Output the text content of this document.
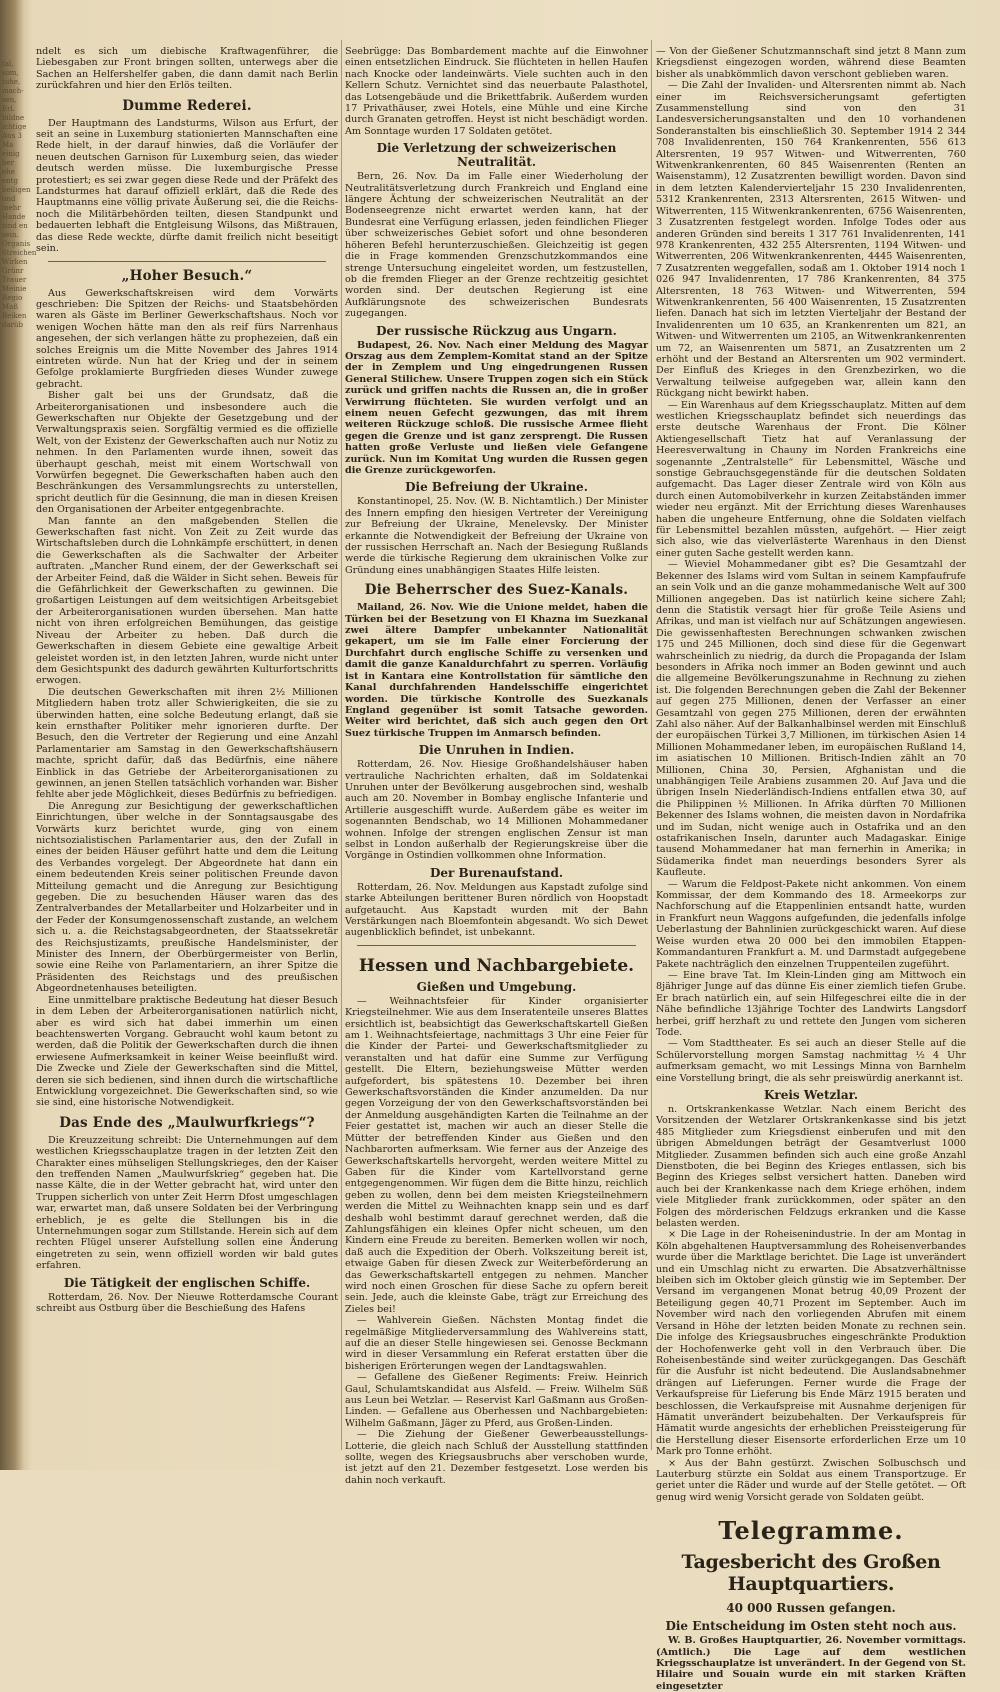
tal, som, tuhe, mach- sen, Erl. bildne ichtige Ans 3 Ma einig ber ehe entg beiligen und mehr Hande sind en sein. Organis Streichen Wirken Grünr Trauer Meinie Regio Maß Beiken darüb

ndelt es sich um diebische Kraftwagenführer, die Liebesgaben zur Front bringen sollten, unterwegs aber die Sachen an Helfershelfer gaben, die dann damit nach Berlin zurückfahren und hier den Erlös teilten.

Dumme Rederei.

Der Hauptmann des Landsturms, Wilson aus Erfurt, der seit an seine in Luxemburg stationierten Mannschaften eine Rede hielt, in der darauf hinwies, daß die Vorläufer der neuen deutschen Garnison für Luxemburg seien, das wieder deutsch werden müsse. Die luxemburgische Presse protestiert; es sei zwar gegen diese Rede und der Präfekt des Landsturmes hat darauf offiziell erklärt, daß die Rede des Hauptmanns eine völlig private Äußerung sei, die die Reichs- noch die Militärbehörden teilten, diesen Standpunkt und bedauerten lebhaft die Entgleisung Wilsons, das Mißtrauen, das diese Rede weckte, dürfte damit freilich nicht beseitigt sein.

„Hoher Besuch.“

Aus Gewerkschaftskreisen wird dem Vorwärts geschrieben: Die Spitzen der Reichs- und Staatsbehörden waren als Gäste im Berliner Gewerkschaftshaus. Noch vor wenigen Wochen hätte man den als reif fürs Narrenhaus angesehen, der sich verlangen hätte zu prophezeien, daß ein solches Ereignis um die Mitte November des Jahres 1914 eintreten würde. Nun hat der Krieg und der in seinem Gefolge proklamierte Burgfrieden dieses Wunder zuwege gebracht.

Bisher galt bei uns der Grundsatz, daß die Arbeiterorganisationen und insbesondere auch die Gewerkschaften nur Objekte der Gesetzgebung und der Verwaltungspraxis seien. Sorgfältig vermied es die offizielle Welt, von der Existenz der Gewerkschaften auch nur Notiz zu nehmen. In den Parlamenten wurde ihnen, soweit das überhaupt geschah, meist mit einem Wortschwall von Vorwürfen begegnet. Die Gewerkschaften haben auch den Beschränkungen des Versammlungsrechts zu unterstellen, spricht deutlich für die Gesinnung, die man in diesen Kreisen den Organisationen der Arbeiter entgegenbrachte.

Man fannte an den maßgebenden Stellen die Gewerkschaften fast nicht. Von Zeit zu Zeit wurde das Wirtschaftsleben durch die Lohnkämpfe erschüttert, in denen die Gewerkschaften als die Sachwalter der Arbeiter auftraten. „Mancher Rund einem, der der Gewerkschaft sei der Arbeiter Feind, daß die Wälder in Sicht sehen. Beweis für die Gefährlichkeit der Gewerkschaften zu gewinnen. Die großartigen Leistungen auf dem weitsichtigen Arbeitsgebiet der Arbeiterorganisationen wurden übersehen. Man hatte nicht von ihren erfolgreichen Bemühungen, das geistige Niveau der Arbeiter zu heben. Daß durch die Gewerkschaften in diesem Gebiete eine gewaltige Arbeit geleistet worden ist, in den letzten Jahren, wurde nicht unter dem Gesichtspunkt des dadurch gewährten Kulturfortschritts erwogen.

Die deutschen Gewerkschaften mit ihren 2½ Millionen Mitgliedern haben trotz aller Schwierigkeiten, die sie zu überwinden hatten, eine solche Bedeutung erlangt, daß sie kein ernsthafter Politiker mehr ignorieren durfte. Der Besuch, den die Vertreter der Regierung und eine Anzahl Parlamentarier am Samstag in den Gewerkschaftshäusern machte, spricht dafür, daß das Bedürfnis, eine nähere Einblick in das Getriebe der Arbeiterorganisationen zu gewinnen, an jenen Stellen tatsächlich vorhanden war. Bisher fehlte aber jede Möglichkeit, dieses Bedürfnis zu befriedigen.

Die Anregung zur Besichtigung der gewerkschaftlichen Einrichtungen, über welche in der Sonntagsausgabe des Vorwärts kurz berichtet wurde, ging von einem nichtsozialistischen Parlamentarier aus, den der Zufall in eines der beiden Häuser geführt hatte und dem die Leitung des Verbandes vorgelegt. Der Abgeordnete hat dann ein einem bedeutenden Kreis seiner politischen Freunde davon Mitteilung gemacht und die Anregung zur Besichtigung gegeben. Die zu besuchenden Häuser waren das des Zentralverbandes der Metallarbeiter und Holzarbeiter und in der Feder der Konsumgenossenschaft zustande, an welchem sich u. a. die Reichstagsabgeordneten, der Staatssekretär des Reichsjustizamts, preußische Handelsminister, der Minister des Innern, der Oberbürgermeister von Berlin, sowie eine Reihe von Parlamentariern, an ihrer Spitze die Präsidenten des Reichstags und des preußischen Abgeordnetenhauses beteiligten.

Eine unmittelbare praktische Bedeutung hat dieser Besuch in dem Leben der Arbeiterorganisationen natürlich nicht, aber es wird sich hat dabei immerhin um einen beachtenswerten Vorgang. Gebraucht wohl kaum betont zu werden, daß die Politik der Gewerkschaften durch die ihnen erwiesene Aufmerksamkeit in keiner Weise beeinflußt wird. Die Zwecke und Ziele der Gewerkschaften sind die Mittel, deren sie sich bedienen, sind ihnen durch die wirtschaftliche Entwicklung vorgezeichnet. Die Gewerkschaften sind, so wie sie sind, eine historische Notwendigkeit.

Das Ende des „Maulwurfkriegs“?

Die Kreuzzeitung schreibt: Die Unternehmungen auf dem westlichen Kriegsschauplatze tragen in der letzten Zeit den Charakter eines mühseligen Stellungskrieges, den der Kaiser den treffenden Namen „Maulwurfskrieg“ gegeben hat. Die nasse Kälte, die in der Wetter gebracht hat, wird unter den Truppen sicherlich von unter Zeit Herrn Dfost umgeschlagen war, erwartet man, daß unsere Soldaten bei der Verbringung erheblich, je es gelte die Stellungen bis in die Unternehmungen sogar zum Stillstande. Herein sich auf dem rechten Flügel unserer Aufstellung sollen eine Änderung eingetreten zu sein, wenn offiziell worden wir bald gutes erfahren.

Die Tätigkeit der englischen Schiffe.

Rotterdam, 26. Nov. Der Nieuwe Rotterdamsche Courant schreibt aus Ostburg über die Beschießung des Hafens

Seebrügge: Das Bombardement machte auf die Einwohner einen entsetzlichen Eindruck. Sie flüchteten in hellen Haufen nach Knocke oder landeinwärts. Viele suchten auch in den Kellern Schutz. Vernichtet sind das neuerbaute Palasthotel, das Lotsengebäude und die Brikettfabrik. Außerdem wurden 17 Privathäuser, zwei Hotels, eine Mühle und eine Kirche durch Granaten getroffen. Heyst ist nicht beschädigt worden. Am Sonntage wurden 17 Soldaten getötet.

Die Verletzung der schweizerischen Neutralität.

Bern, 26. Nov. Da im Falle einer Wiederholung der Neutralitätsverletzung durch Frankreich und England eine längere Ächtung der schweizerischen Neutralität an der Bodenseegrenze nicht erwartet werden kann, hat der Bundesrat eine Verfügung erlassen, jeden feindlichen Flieger über schweizerisches Gebiet sofort und ohne besonderen höheren Befehl herunterzuschießen. Gleichzeitig ist gegen die in Frage kommenden Grenzschutzkommandos eine strenge Untersuchung eingeleitet worden, um festzustellen, ob die fremden Flieger an der Grenze rechtzeitig gesichtet worden sind. Der deutschen Regierung ist eine Aufklärungsnote des schweizerischen Bundesrats zugegangen.

Der russische Rückzug aus Ungarn.

Budapest, 26. Nov. Nach einer Meldung des Magyar Orszag aus dem Zemplem-Komitat stand an der Spitze der in Zemplem und Ung eingedrungenen Russen General Stilichew. Unsere Truppen zogen sich ein Stück zurück und griffen nachts die Russen an, die in großer Verwirrung flüchteten. Sie wurden verfolgt und an einem neuen Gefecht gezwungen, das mit ihrem weiteren Rückzuge schloß. Die russische Armee flieht gegen die Grenze und ist ganz zersprengt. Die Russen hatten große Verluste und ließen viele Gefangene zurück. Nun im Komitat Ung wurden die Russen gegen die Grenze zurückgeworfen.

Die Befreiung der Ukraine.

Konstantinopel, 25. Nov. (W. B. Nichtamtlich.) Der Minister des Innern empfing den hiesigen Vertreter der Vereinigung zur Befreiung der Ukraine, Menelevsky. Der Minister erkannte die Notwendigkeit der Befreiung der Ukraine von der russischen Herrschaft an. Nach der Besiegung Rußlands werde die türkische Regierung dem ukrainischen Volke zur Gründung eines unabhängigen Staates Hilfe leisten.

Die Beherrscher des Suez-Kanals.

Mailand, 26. Nov. Wie die Unione meldet, haben die Türken bei der Besetzung von El Khazna im Suezkanal zwei ältere Dampfer unbekannter Nationalität gekapert, um sie im Falle einer Forcierung der Durchfahrt durch englische Schiffe zu versenken und damit die ganze Kanaldurchfahrt zu sperren. Vorläufig ist in Kantara eine Kontrollstation für sämtliche den Kanal durchfahrenden Handelsschiffe eingerichtet worden. Die türkische Kontrolle des Suezkanals England gegenüber ist somit Tatsache geworden. Weiter wird berichtet, daß sich auch gegen den Ort Suez türkische Truppen im Anmarsch befinden.

Die Unruhen in Indien.

Rotterdam, 26. Nov. Hiesige Großhandelshäuser haben vertrauliche Nachrichten erhalten, daß im Soldatenkai Unruhen unter der Bevölkerung ausgebrochen sind, weshalb auch am 20. November in Bombay englische Infanterie und Artillerie ausgeschifft wurde. Außerdem gäbe es weiter im sogenannten Bendschab, wo 14 Millionen Mohammedaner wohnen. Infolge der strengen englischen Zensur ist man selbst in London außerhalb der Regierungskreise über die Vorgänge in Ostindien vollkommen ohne Information.

Der Burenaufstand.

Rotterdam, 26. Nov. Meldungen aus Kapstadt zufolge sind starke Abteilungen berittener Buren nördlich von Hoopstadt aufgetaucht. Aus Kapstadt wurden mit der Bahn Verstärkungen nach Bloemfontein abgesandt. Wo sich Dewet augenblicklich befindet, ist unbekannt.

Hessen und Nachbargebiete.
Gießen und Umgebung.

— Weihnachtsfeier für Kinder organisierter Kriegsteilnehmer. Wie aus dem Inseratenteile unseres Blattes ersichtlich ist, beabsichtigt das Gewerkschaftskartell Gießen am 1. Weihnachtsfeiertage, nachmittags 3 Uhr eine Feier für die Kinder der Partei- und Gewerkschaftsmitglieder zu veranstalten und hat dafür eine Summe zur Verfügung gestellt. Die Eltern, beziehungsweise Mütter werden aufgefordert, bis spätestens 10. Dezember bei ihren Gewerkschaftsvorständen die Kinder anzumelden. Da nur gegen Vorzeigung der von den Gewerkschaftsvorständen bei der Anmeldung ausgehändigten Karten die Teilnahme an der Feier gestattet ist, machen wir auch an dieser Stelle die Mütter der betreffenden Kinder aus Gießen und den Nachbarorten aufmerksam. Wie ferner aus der Anzeige des Gewerkschaftskartells hervorgeht, werden weitere Mittel zu Gaben für die Kinder vom Kartellvorstand gerne entgegengenommen. Wir fügen dem die Bitte hinzu, reichlich geben zu wollen, denn bei dem meisten Kriegsteilnehmern werden die Mittel zu Weihnachten knapp sein und es darf deshalb wohl bestimmt darauf gerechnet werden, daß die Zahlungsfähigen ein kleines Opfer nicht scheuen, um den Kindern eine Freude zu bereiten. Bemerken wollen wir noch, daß auch die Expedition der Oberh. Volkszeitung bereit ist, etwaige Gaben für diesen Zweck zur Weiterbeförderung an das Gewerkschaftskartell entgegen zu nehmen. Mancher wird noch einen Groschen für diese Sache zu opfern bereit sein. Jede, auch die kleinste Gabe, trägt zur Erreichung des Zieles bei!

— Wahlverein Gießen. Nächsten Montag findet die regelmäßige Mitgliederversammlung des Wahlvereins statt, auf die an dieser Stelle hingewiesen sei. Genosse Beckmann wird in dieser Versammlung ein Referat erstatten über die bisherigen Erörterungen wegen der Landtagswahlen.

— Gefallene des Gießener Regiments: Freiw. Heinrich Gaul, Schulamtskandidat aus Alsfeld. — Freiw. Wilhelm Süß aus Leun bei Wetzlar. — Reservist Karl Gaßmann aus Großen-Linden. — Gefallene aus Oberhessen und Nachbargebieten: Wilhelm Gaßmann, Jäger zu Pferd, aus Großen-Linden.

— Die Ziehung der Gießener Gewerbeausstellungs-Lotterie, die gleich nach Schluß der Ausstellung stattfinden sollte, wegen des Kriegsausbruchs aber verschoben wurde, ist jetzt auf den 21. Dezember festgesetzt. Lose werden bis dahin noch verkauft.

— Von der Gießener Schutzmannschaft sind jetzt 8 Mann zum Kriegsdienst eingezogen worden, während diese Beamten bisher als unabkömmlich davon verschont geblieben waren.

— Die Zahl der Invaliden- und Altersrenten nimmt ab. Nach einer im Reichsversicherungsamt gefertigten Zusammenstellung sind von den 31 Landesversicherungsanstalten und den 10 vorhandenen Sonderanstalten bis einschließlich 30. September 1914 2 344 708 Invalidenrenten, 150 764 Krankenrenten, 556 613 Altersrenten, 19 957 Witwen- und Witwerrenten, 760 Witwenkrankenrenten, 60 845 Waisenrenten (Renten an Waisenstamm), 12 Zusatzrenten bewilligt worden. Davon sind in dem letzten Kalendervierteljahr 15 230 Invalidenrenten, 5312 Krankenrenten, 2313 Altersrenten, 2615 Witwen- und Witwerrenten, 115 Witwenkrankenrenten, 6756 Waisenrenten, 3 Zusatzrenten festgelegt worden. Infolge Todes oder aus anderen Gründen sind bereits 1 317 761 Invalidenrenten, 141 978 Krankenrenten, 432 255 Altersrenten, 1194 Witwen- und Witwerrenten, 206 Witwenkrankenrenten, 4445 Waisenrenten, 7 Zusatzrenten weggefallen, sodaß am 1. Oktober 1914 noch 1 026 947 Invalidenrenten, 17 786 Krankenrenten, 84 375 Altersrenten, 18 763 Witwen- und Witwerrenten, 594 Witwenkrankenrenten, 56 400 Waisenrenten, 15 Zusatzrenten liefen. Danach hat sich im letzten Vierteljahr der Bestand der Invalidenrenten um 10 635, an Krankenrenten um 821, an Witwen- und Witwerrenten um 2105, an Witwenkrankenrenten um 72, an Waisenrenten um 5871, an Zusatzrenten um 2 erhöht und der Bestand an Altersrenten um 902 vermindert. Der Einfluß des Krieges in den Grenzbezirken, wo die Verwaltung teilweise aufgegeben war, allein kann den Rückgang nicht bewirkt haben.

— Ein Warenhaus auf dem Kriegsschauplatz. Mitten auf dem westlichen Kriegsschauplatz befindet sich neuerdings das erste deutsche Warenhaus der Front. Die Kölner Aktiengesellschaft Tietz hat auf Veranlassung der Heeresverwaltung in Chauny im Norden Frankreichs eine sogenannte „Zentralstelle“ für Lebensmittel, Wäsche und sonstige Gebrauchsgegenstände für die deutschen Soldaten aufgemacht. Das Lager dieser Zentrale wird von Köln aus durch einen Automobilverkehr in kurzen Zeitabständen immer wieder neu ergänzt. Mit der Errichtung dieses Warenhauses haben die ungeheure Entfernung, ohne die Soldaten vielfach für Lebensmittel bezahlen müssten, aufgehört. — Hier zeigt sich also, wie das vielverlästerte Warenhaus in den Dienst einer guten Sache gestellt werden kann.

— Wieviel Mohammedaner gibt es? Die Gesamtzahl der Bekenner des Islams wird vom Sultan in seinem Kampfaufrufe an sein Volk und an die ganze mohammedanische Welt auf 300 Millionen angegeben. Das ist natürlich keine sichere Zahl; denn die Statistik versagt hier für große Teile Asiens und Afrikas, und man ist vielfach nur auf Schätzungen angewiesen. Die gewissenhaftesten Berechnungen schwanken zwischen 175 und 245 Millionen, doch sind diese für die Gegenwart wahrscheinlich zu niedrig, da durch die Propaganda der Islam besonders in Afrika noch immer an Boden gewinnt und auch die allgemeine Bevölkerungszunahme in Rechnung zu ziehen ist. Die folgenden Berechnungen geben die Zahl der Bekenner auf gegen 275 Millionen, denen der Verfasser an einer Gesamtzahl von gegen 275 Millionen, deren der erwähnten Zahl also näher. Auf der Balkanhalbinsel werden mit Einschluß der europäischen Türkei 3,7 Millionen, im türkischen Asien 14 Millionen Mohammedaner leben, im europäischen Rußland 14, im asiatischen 10 Millionen. Britisch-Indien zählt an 70 Millionen, China 30, Persien, Afghanistan und die unabhängigen Teile Arabiens zusammen 20. Auf Java und die übrigen Inseln Niederländisch-Indiens entfallen etwa 30, auf die Philippinen ½ Millionen. In Afrika dürften 70 Millionen Bekenner des Islams wohnen, die meisten davon in Nordafrika und im Sudan, nicht wenige auch in Ostafrika und an den ostafrikanischen Inseln, darunter auch Madagaskar. Einige tausend Mohammedaner hat man fernerhin in Amerika; in Südamerika findet man neuerdings besonders Syrer als Kaufleute.

— Warum die Feldpost-Pakete nicht ankommen. Von einem Kommissar, der dem Kommando des 18. Armeekorps zur Nachforschung auf die Etappenlinien entsandt hatte, wurden in Frankfurt neun Waggons aufgefunden, die jedenfalls infolge Ueberlastung der Bahnlinien zurückgeschickt waren. Auf diese Weise wurden etwa 20 000 bei den immobilen Etappen-Kommandanturen Frankfurt a. M. und Darmstadt aufgegebene Pakete nachträglich den einzelnen Truppenteilen zugeführt.

— Eine brave Tat. Im Klein-Linden ging am Mittwoch ein 8jähriger Junge auf das dünne Eis einer ziemlich tiefen Grube. Er brach natürlich ein, auf sein Hilfegeschrei eilte die in der Nähe befindliche 13jährige Tochter des Landwirts Langsdorf herbei, griff herzhaft zu und rettete den Jungen vom sicheren Tode.

— Vom Stadttheater. Es sei auch an dieser Stelle auf die Schülervorstellung morgen Samstag nachmittag ½ 4 Uhr aufmerksam gemacht, wo mit Lessings Minna von Barnhelm eine Vorstellung bringt, die als sehr preiswürdig anerkannt ist.

Kreis Wetzlar.

n. Ortskrankenkasse Wetzlar. Nach einem Bericht des Vorsitzenden der Wetzlarer Ortskrankenkasse sind bis jetzt 485 Mitglieder zum Kriegsdienst einberufen und mit den übrigen Abmeldungen beträgt der Gesamtverlust 1000 Mitglieder. Zusammen befinden sich auch eine große Anzahl Dienstboten, die bei Beginn des Krieges entlassen, sich bis Beginn des Krieges selbst versichert hatten. Daneben wird auch bei der Krankenkasse nach dem Kriege erhöhen, indem viele Mitglieder frank zurückkommen, oder später an den Folgen des mörderischen Feldzugs erkranken und die Kasse belasten werden.

× Die Lage in der Roheisenindustrie. In der am Montag in Köln abgehaltenen Hauptversammlung des Roheisenverbandes wurde über die Marktlage berichtet. Die Lage ist unverändert und ein Umschlag nicht zu erwarten. Die Absatzverhältnisse bleiben sich im Oktober gleich günstig wie im September. Der Versand im vergangenen Monat betrug 40,09 Prozent der Beteiligung gegen 40,71 Prozent im September. Auch im November wird nach den vorliegenden Abrufen mit einem Versand in Höhe der letzten beiden Monate zu rechnen sein. Die infolge des Kriegsausbruches eingeschränkte Produktion der Hochofenwerke geht voll in den Verbrauch über. Die Roheisenbestände sind weiter zurückgegangen. Das Geschäft für die Ausfuhr ist nicht bedeutend. Die Auslandsabnehmer drängen auf Lieferungen. Ferner wurde die Frage der Verkaufspreise für Lieferung bis Ende März 1915 beraten und beschlossen, die Verkaufspreise mit Ausnahme derjenigen für Hämatit unverändert beizubehalten. Der Verkaufspreis für Hämatit wurde angesichts der erheblichen Preissteigerung für die Herstellung dieser Eisensorte erforderlichen Erze um 10 Mark pro Tonne erhöht.

× Aus der Bahn gestürzt. Zwischen Solbuschsch und Lauterburg stürzte ein Soldat aus einem Transportzuge. Er geriet unter die Räder und wurde auf der Stelle getötet. — Oft genug wird wenig Vorsicht gerade von Soldaten geübt.

Telegramme.
Tagesbericht des Großen Hauptquartiers.
40 000 Russen gefangen.
Die Entscheidung im Osten steht noch aus.

W. B. Großes Hauptquartier, 26. November vormittags. (Amtlich.) Die Lage auf dem westlichen Kriegsschauplatze ist unverändert. In der Gegend von St. Hilaire und Souain wurde ein mit starken Kräften eingesetzter
